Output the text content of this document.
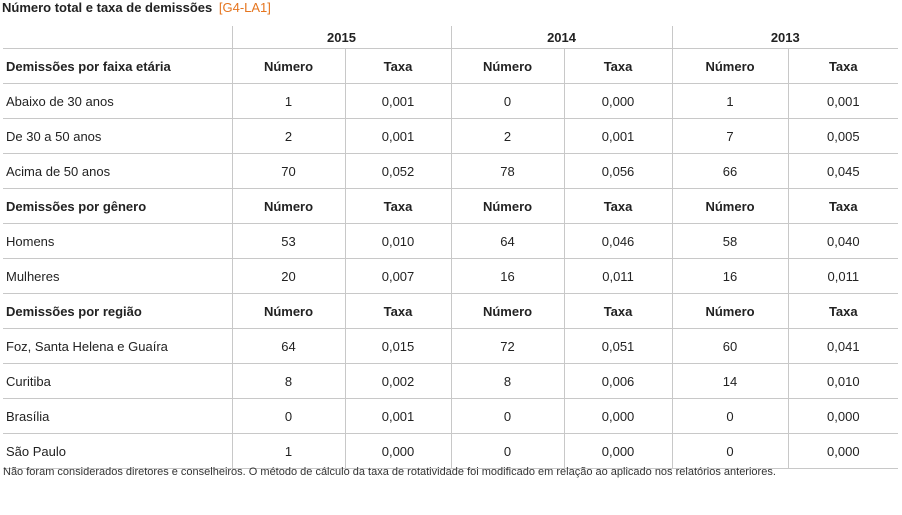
Número total e taxa de demissões [G4-LA1]
	2015		2014		2013	
Demissões por faixa etária	Número	Taxa	Número	Taxa	Número	Taxa
Abaixo de 30 anos	1	0,001	0	0,000	1	0,001
De 30 a 50 anos	2	0,001	2	0,001	7	0,005
Acima de 50 anos	70	0,052	78	0,056	66	0,045
Demissões por gênero	Número	Taxa	Número	Taxa	Número	Taxa
Homens	53	0,010	64	0,046	58	0,040
Mulheres	20	0,007	16	0,011	16	0,011
Demissões por região	Número	Taxa	Número	Taxa	Número	Taxa
Foz, Santa Helena e Guaíra	64	0,015	72	0,051	60	0,041
Curitiba	8	0,002	8	0,006	14	0,010
Brasília	0	0,001	0	0,000	0	0,000
São Paulo	1	0,000	0	0,000	0	0,000
Não foram considerados diretores e conselheiros. O método de cálculo da taxa de rotatividade foi modificado em relação ao aplicado nos relatórios anteriores.
